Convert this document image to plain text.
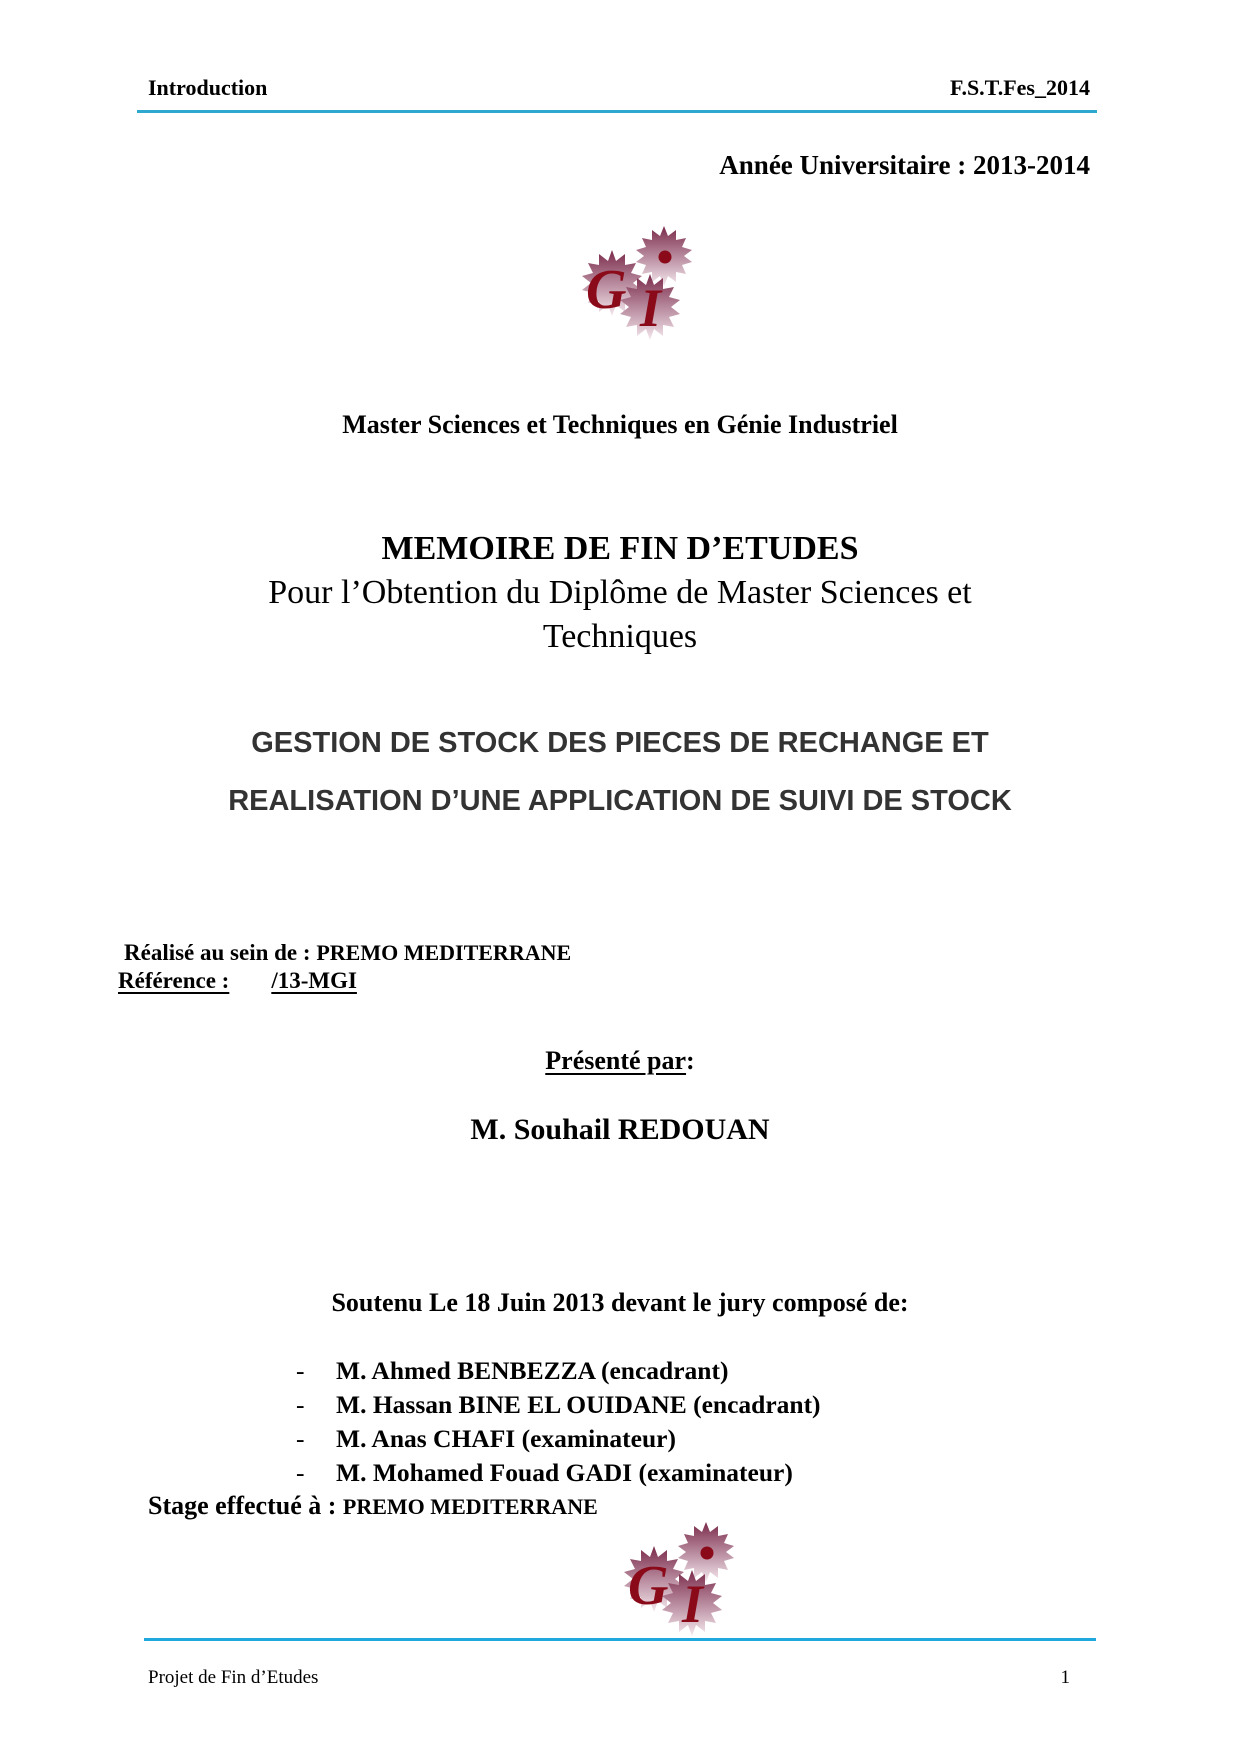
Introduction	F.S.T.Fes_2014
Année Universitaire : 2013-2014
G I
Master Sciences et Techniques en Génie Industriel
MEMOIRE DE FIN D’ETUDES
Pour l’Obtention du Diplôme de Master Sciences et
Techniques
GESTION DE STOCK DES PIECES DE RECHANGE ET
REALISATION D’UNE APPLICATION DE SUIVI DE STOCK
Réalisé au sein de : PREMO MEDITERRANE
Référence : /13-MGI
Présenté par:
M. Souhail REDOUAN
Soutenu Le 18 Juin 2013 devant le jury composé de:
- M. Ahmed BENBEZZA (encadrant)
- M. Hassan BINE EL OUIDANE (encadrant)
- M. Anas CHAFI (examinateur)
- M. Mohamed Fouad GADI (examinateur)
Stage effectué à : PREMO MEDITERRANE
G I
Projet de Fin d’Etudes	1
